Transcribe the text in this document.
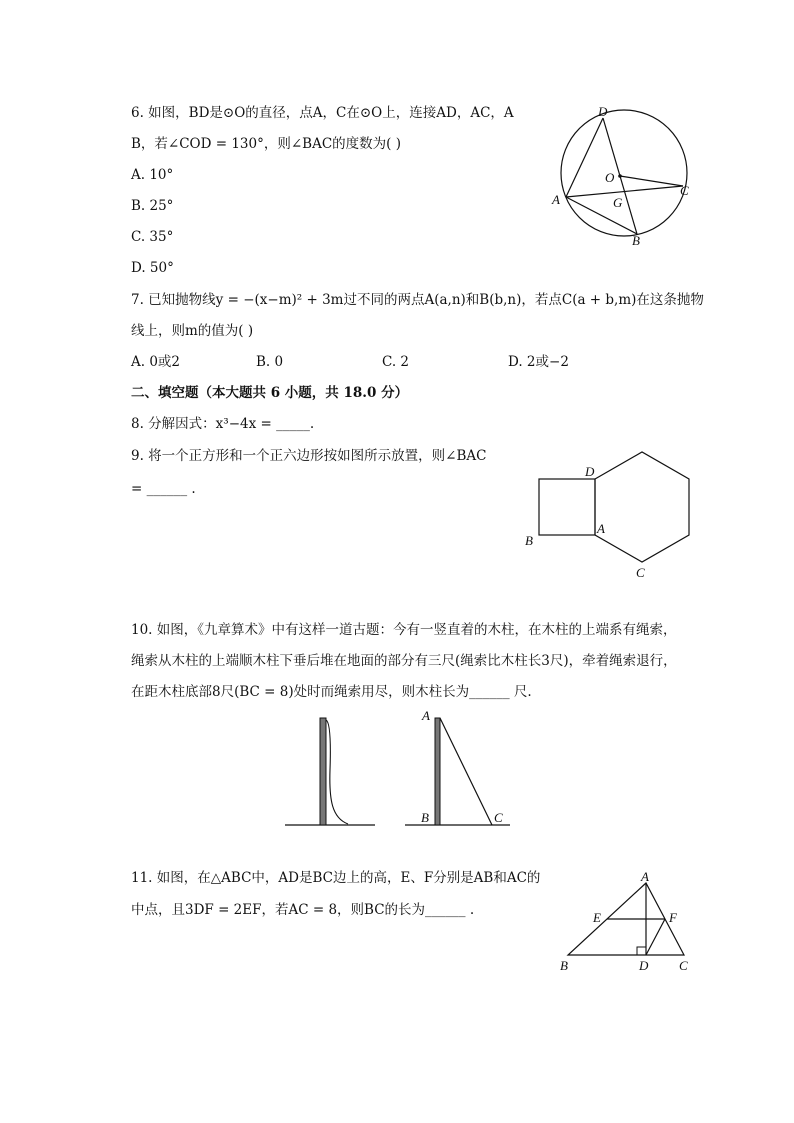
6. 如图，BD是⊙O的直径，点A，C在⊙O上，连接AD，AC，A
B，若∠COD = 130°，则∠BAC的度数为( )
A. 10°
B. 25°
C. 35°
D. 50°
D
O
C
A	G
B
7. 已知抛物线y = −(x−m)² + 3m过不同的两点A(a,n)和B(b,n)，若点C(a + b,m)在这条抛物
线上，则m的值为( )
A. 0或2	B. 0	C. 2	D. 2或−2
二、填空题（本大题共 6 小题，共 18.0 分）
8. 分解因式：x³−4x = _____.
9. 将一个正方形和一个正六边形按如图所示放置，则∠BAC
= ______ .
D
A
B
C
10. 如图，《九章算术》中有这样一道古题：今有一竖直着的木柱，在木柱的上端系有绳索，
绳索从木柱的上端顺木柱下垂后堆在地面的部分有三尺(绳索比木柱长3尺)，牵着绳索退行，
在距木柱底部8尺(BC = 8)处时而绳索用尽，则木柱长为______ 尺.
A
B	C
11. 如图，在△ABC中，AD是BC边上的高，E、F分别是AB和AC的
中点，且3DF = 2EF，若AC = 8，则BC的长为______ .
A
E	F
B	D C
